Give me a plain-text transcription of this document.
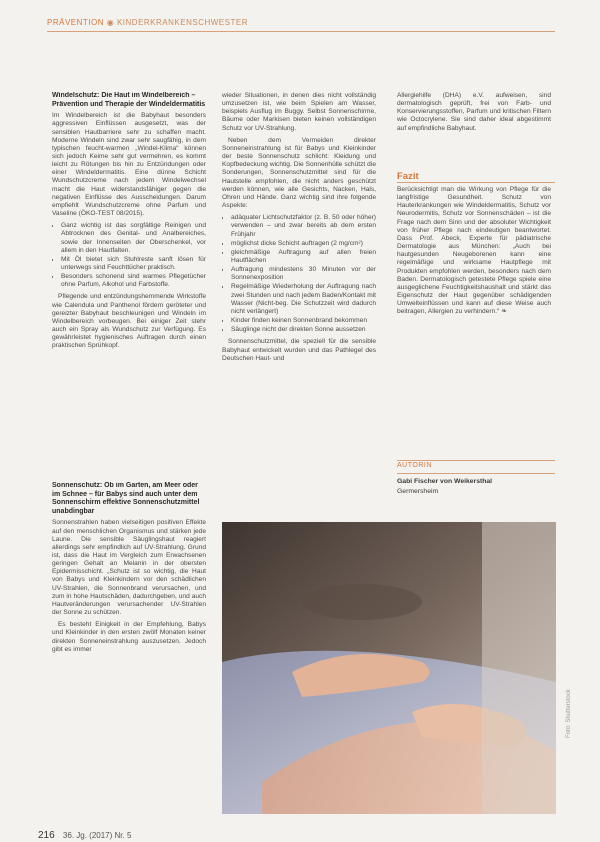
PRÄVENTION ◉ KINDERKRANKENSCHWESTER
Windelschutz: Die Haut im Windelbereich – Prävention und Therapie der Windeldermatitis

Im Windelbereich ist die Babyhaut besonders aggressiven Einflüssen ausgesetzt, was der sensiblen Hautbarriere sehr zu schaffen macht. Moderne Windeln sind zwar sehr saugfähig, in dem typischen feucht-warmen „Windel-Klima“ können sich jedoch Keime sehr gut vermehren, es kommt leicht zu Rötungen bis hin zu Entzündungen oder einer Windeldermatitis. Eine dünne Schicht Wundschutzcreme nach jedem Windelwechsel macht die Haut widerstandsfähiger gegen die negativen Einflüsse des Ausscheidungen. Darum empfiehlt Wundschutzcreme ohne Parfum und Vaseline (ÖKO-TEST 08/2015).

• Ganz wichtig ist das sorgfältige Reinigen und Abtrocknen des Genital- und Analbereiches, sowie der Innenseiten der Oberschenkel, vor allem in den Hautfalten.
• Mit Öl bietet sich Stuhlreste sanft lösen für unterwegs sind Feuchttücher praktisch.
• Besonders schonend sind warmes Pflegetücher ohne Parfum, Alkohol und Farbstoffe.

Pflegende und entzündungshemmende Wirkstoffe wie Calendula und Panthenol fördern geröteter und gereizter Babyhaut beschleunigen und Windeln im Windelbereich vorbeugen. Bei einiger Zeit stehr auch ein Spray als Wundschutz zur Verfügung. Es gewährleistet hygienisches Auftragen durch einen praktischen Sprühkopf.

Sonnenschutz: Ob im Garten, am Meer oder im Schnee – für Babys sind auch unter dem Sonnenschirm effektive Sonnenschutzmittel unabdingbar

Sonnenstrahlen haben vielseitigen positiven Effekte auf den menschlichen Organismus und stärken jede Laune. Die sensible Säuglingshaut reagiert allerdings sehr empfindlich auf UV-Strahlung. Grund ist, dass die Haut im Vergleich zum Erwachsenen geringen Gehalt an Melanin in der obersten Epidermisschicht. „Schutz ist so wichtig, die Haut von Babys und Kleinkindern vor den schädlichen UV-Strahlen, die Sonnenbrand verursachen, und zum in hohe Hautschäden, dadurchgeben, und auch Hautveränderungen verursachender UV-Strahlen der Sonne zu schützen.

Es besteht Einigkeit in der Empfehlung, Babys und Kleinkinder in den ersten zwölf Monaten keiner direkten Sonneneinstrahlung auszusetzen. Jedoch gibt es immer

wieder Situationen, in denen dies nicht vollständig umzusetzen ist, wie beim Spielen am Wasser, beispiels Ausflug im Buggy. Selbst Sonnenschirme, Bäume oder Markisen bieten keinen vollständigen Schutz vor UV-Strahlung.

Neben dem Vermeiden direkter Sonneneinstrahlung ist für Babys und Kleinkinder der beste Sonnenschutz schlicht: Kleidung und Kopfbedeckung wichtig. Die Sonnenhülle schützt die Sonderungen, Sonnenschutzmittel sind für die Hautstelle empfohlen, die nicht anders geschützt werden können, wie alle Gesichts, Nacken, Hals, Ohren und Hände. Ganz wichtig sind ihre folgende Aspekte:

• adäquater Lichtschutzfaktor (z. B. 50 oder höher) verwenden – und zwar bereits ab dem ersten Frühjahr
• möglichst dicke Schicht auftragen (2 mg/cm²)
• gleichmäßige Auftragung auf allen freien Hautflächen
• Auftragung mindestens 30 Minuten vor der Sonnenexposition
• Regelmäßige Wiederholung der Auftragung nach zwei Stunden und nach jedem Baden/Kontakt mit Wasser (Nicht-beg. Die Schutzzeit wird dadurch nicht verlängert)
• Kinder finden keinen Sonnenbrand bekommen
• Säuglinge nicht der direkten Sonne aussetzen

Sonnenschutzmittel, die speziell für die sensible Babyhaut entwickelt wurden und das Pathlegel des Deutschen Haut- und

Allergiehilfe (DHA) e.V. aufweisen, sind dermatologisch geprüft, frei von Farb- und Konservierungsstoffen, Parfum und kritischen Filtern wie Octocrylene. Sie sind daher ideal abgestimmt auf empfindliche Babyhaut.

Fazit

Berücksichtigt man die Wirkung von Pflege für die langfristige Gesundheit. Schutz von Hauterkrankungen wie Windeldermatitis, Schutz vor Neurodermitis, Schutz vor Sonnenschäden – ist die Frage nach dem Sinn und der absoluter Wichtigkeit von früher Pflege nach eindeutigen beantwortet. Dass Prof. Abeck, Experte für pädiatrische Dermatologie aus München: „Auch bei hautgesunden Neugeborenen kann eine regelmäßige und wirksame Hautpflege mit Produkten empfohlen werden, besonders nach dem Baden. Dermatologisch getestete Pflege spiele eine ausgeglichene Feuchtigkeitshaushalt und stärkt das Eigenschutz der Haut gegenüber schädigenden Umwelteinflüssen und kann auf diese Weise auch beitragen, Allergien zu verhindern.“ ❧

AUTORIN
Gabi Fischer von Weikersthal
Germersheim
Foto: Shutterstock
216 36. Jg. (2017) Nr. 5
